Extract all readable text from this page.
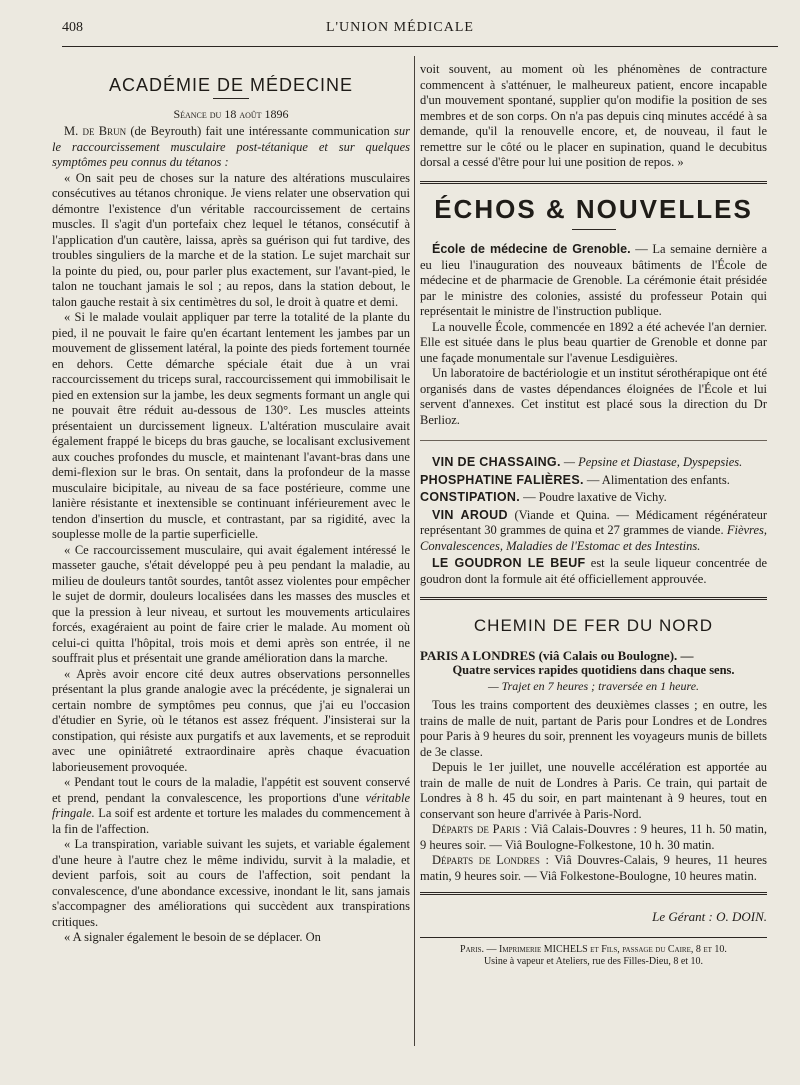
408	L'UNION MÉDICALE
ACADÉMIE DE MÉDECINE

Séance du 18 août 1896

M. de Brun (de Beyrouth) fait une intéressante communication sur le raccourcissement musculaire post-tétanique et sur quelques symptômes peu connus du tétanos :

« On sait peu de choses sur la nature des altérations musculaires consécutives au tétanos chronique. Je viens relater une observation qui démontre l'existence d'un véritable raccourcissement de certains muscles. Il s'agit d'un portefaix chez lequel le tétanos, consécutif à l'application d'un cautère, laissa, après sa guérison qui fut tardive, des troubles singuliers de la marche et de la station. Le sujet marchait sur la pointe du pied, ou, pour parler plus exactement, sur l'avant-pied, le talon ne touchant jamais le sol ; au repos, dans la station debout, le talon gauche restait à six centimètres du sol, le droit à quatre et demi.

« Si le malade voulait appliquer par terre la totalité de la plante du pied, il ne pouvait le faire qu'en écartant lentement les jambes par un mouvement de glissement latéral, la pointe des pieds fortement tournée en dehors. Cette démarche spéciale était due à un vrai raccourcissement du triceps sural, raccourcissement qui immobilisait le pied en extension sur la jambe, les deux segments formant un angle qui ne pouvait être réduit au-dessous de 130°. Les muscles atteints présentaient un durcissement ligneux. L'altération musculaire avait également frappé le biceps du bras gauche, se localisant exclusivement aux couches profondes du muscle, et maintenant l'avant-bras dans une demi-flexion sur le bras. On sentait, dans la profondeur de la masse musculaire bicipitale, au niveau de sa face postérieure, comme une lanière résistante et inextensible se continuant inférieurement avec le tendon d'insertion du muscle, et contrastant, par sa rigidité, avec la souplesse molle de la partie superficielle.

« Ce raccourcissement musculaire, qui avait également intéressé le masseter gauche, s'était développé peu à peu pendant la maladie, au milieu de douleurs tantôt sourdes, tantôt assez violentes pour empêcher le sujet de dormir, douleurs localisées dans les masses des muscles et que la pression à leur niveau, et surtout les mouvements articulaires forcés, exagéraient au point de faire crier le malade. Au moment où celui-ci quitta l'hôpital, trois mois et demi après son entrée, il ne souffrait plus et présentait une grande amélioration dans la marche.

« Après avoir encore cité deux autres observations personnelles présentant la plus grande analogie avec la précédente, je signalerai un certain nombre de symptômes peu connus, que j'ai eu l'occasion d'étudier en Syrie, où le tétanos est assez fréquent. J'insisterai sur la constipation, qui résiste aux purgatifs et aux lavements, et se reproduit avec une opiniâtreté extraordinaire après chaque évacuation laborieusement provoquée.

« Pendant tout le cours de la maladie, l'appétit est souvent conservé et prend, pendant la convalescence, les proportions d'une véritable fringale. La soif est ardente et torture les malades du commencement à la fin de l'affection.

« La transpiration, variable suivant les sujets, et variable également d'une heure à l'autre chez le même individu, survit à la maladie, et devient parfois, soit au cours de l'affection, soit pendant la convalescence, d'une abondance excessive, inondant le lit, sans jamais s'accompagner des améliorations qui succèdent aux transpirations critiques.

« A signaler également le besoin de se déplacer. On

voit souvent, au moment où les phénomènes de contracture commencent à s'atténuer, le malheureux patient, encore incapable d'un mouvement spontané, supplier qu'on modifie la position de ses membres et de son corps. On n'a pas depuis cinq minutes accédé à sa demande, qu'il la renouvelle encore, et, de nouveau, il faut le remettre sur le côté ou le placer en supination, quand le decubitus dorsal a cessé d'être pour lui une position de repos. »

ÉCHOS & NOUVELLES

École de médecine de Grenoble. — La semaine dernière a eu lieu l'inauguration des nouveaux bâtiments de l'École de médecine et de pharmacie de Grenoble. La cérémonie était présidée par le ministre des colonies, assisté du professeur Potain qui représentait le ministre de l'instruction publique.

La nouvelle École, commencée en 1892 a été achevée l'an dernier. Elle est située dans le plus beau quartier de Grenoble et donne par une façade monumentale sur l'avenue Lesdiguières.

Un laboratoire de bactériologie et un institut sérothérapique ont été organisés dans de vastes dépendances éloignées de l'École et lui servent d'annexes. Cet institut est placé sous la direction du Dr Berlioz.

VIN DE CHASSAING. — Pepsine et Diastase, Dyspepsies.

PHOSPHATINE FALIÈRES. — Alimentation des enfants.

CONSTIPATION. — Poudre laxative de Vichy.

VIN AROUD (Viande et Quina. — Médicament régénérateur représentant 30 grammes de quina et 27 grammes de viande. Fièvres, Convalescences, Maladies de l'Estomac et des Intestins.

LE GOUDRON LE BEUF est la seule liqueur concentrée de goudron dont la formule ait été officiellement approuvée.

CHEMIN DE FER DU NORD

PARIS A LONDRES (viâ Calais ou Boulogne). —

Quatre services rapides quotidiens dans chaque sens.

— Trajet en 7 heures ; traversée en 1 heure.

Tous les trains comportent des deuxièmes classes ; en outre, les trains de malle de nuit, partant de Paris pour Londres et de Londres pour Paris à 9 heures du soir, prennent les voyageurs munis de billets de 3e classe.

Depuis le 1er juillet, une nouvelle accélération est apportée au train de malle de nuit de Londres à Paris. Ce train, qui partait de Londres à 8 h. 45 du soir, en part maintenant à 9 heures, tout en conservant son heure d'arrivée à Paris-Nord.

Départs de Paris : Viâ Calais-Douvres : 9 heures, 11 h. 50 matin, 9 heures soir. — Viâ Boulogne-Folkestone, 10 h. 30 matin.

Départs de Londres : Viâ Douvres-Calais, 9 heures, 11 heures matin, 9 heures soir. — Viâ Folkestone-Boulogne, 10 heures matin.

Le Gérant : O. DOIN.

Paris. — Imprimerie MICHELS et Fils, passage du Caire, 8 et 10.
Usine à vapeur et Ateliers, rue des Filles-Dieu, 8 et 10.
